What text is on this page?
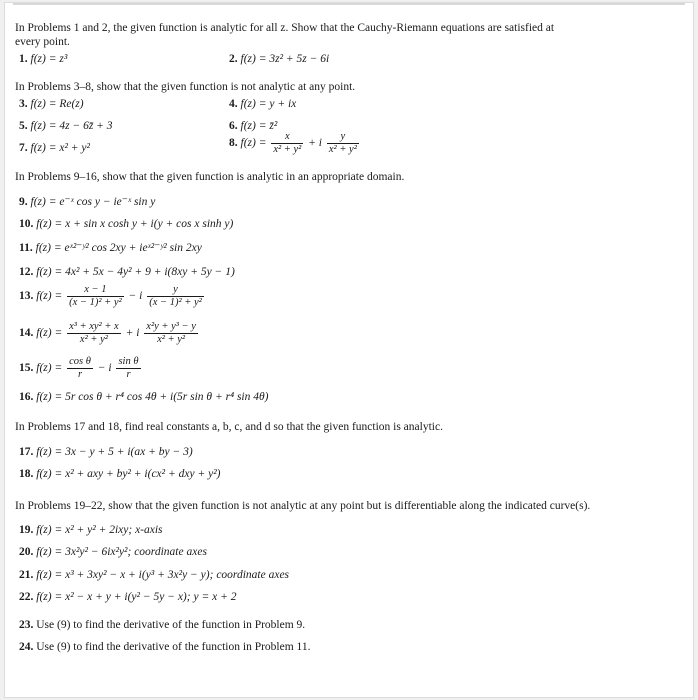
In Problems 1 and 2, the given function is analytic for all z. Show that the Cauchy-Riemann equations are satisfied at
every point.
1. f(z) = z³	2. f(z) = 3z² + 5z − 6i
In Problems 3–8, show that the given function is not analytic at any point.
3. f(z) = Re(z)	4. f(z) = y + ix
5. f(z) = 4z − 6z̄ + 3	6. f(z) = z̄²
7. f(z) = x² + y²	8. $f(z) = \frac{x}{\text{x² + y²}} + i \frac{y}{\text{x² + y²}}$
In Problems 9–16, show that the given function is analytic in an appropriate domain.
9. f(z) = e⁻ˣ cos y − ie⁻ˣ sin y
10. f(z) = x + sin x cosh y + i(y + cos x sinh y)
11. f(z) = eˣ²⁻ʸ² cos 2xy + ieˣ²⁻ʸ² sin 2xy
12. f(z) = 4x² + 5x − 4y² + 9 + i(8xy + 5y − 1)
13. $f(z) = \frac{x - 1}{\text{(x − 1)² + y²}} - i \frac{y}{\text{(x − 1)² + y²}}$
14. $f(z) = \frac{\text{x³ + xy² + x}}{\text{x² + y²}} + i \frac{\text{x²y + y³ − y}}{\text{x² + y²}}$
15. $f(z) = \frac{\text{cos θ}}{r} - i \frac{\text{sin θ}}{r}$
16. f(z) = 5r cos θ + r⁴ cos 4θ + i(5r sin θ + r⁴ sin 4θ)
In Problems 17 and 18, find real constants a, b, c, and d so that the given function is analytic.
17. f(z) = 3x − y + 5 + i(ax + by − 3)
18. f(z) = x² + axy + by² + i(cx² + dxy + y²)
In Problems 19–22, show that the given function is not analytic at any point but is differentiable along the indicated curve(s).
19. f(z) = x² + y² + 2ixy; x-axis
20. f(z) = 3x²y² − 6ix²y²; coordinate axes
21. f(z) = x³ + 3xy² − x + i(y³ + 3x²y − y); coordinate axes
22. f(z) = x² − x + y + i(y² − 5y − x); y = x + 2
23. Use (9) to find the derivative of the function in Problem 9.
24. Use (9) to find the derivative of the function in Problem 11.
